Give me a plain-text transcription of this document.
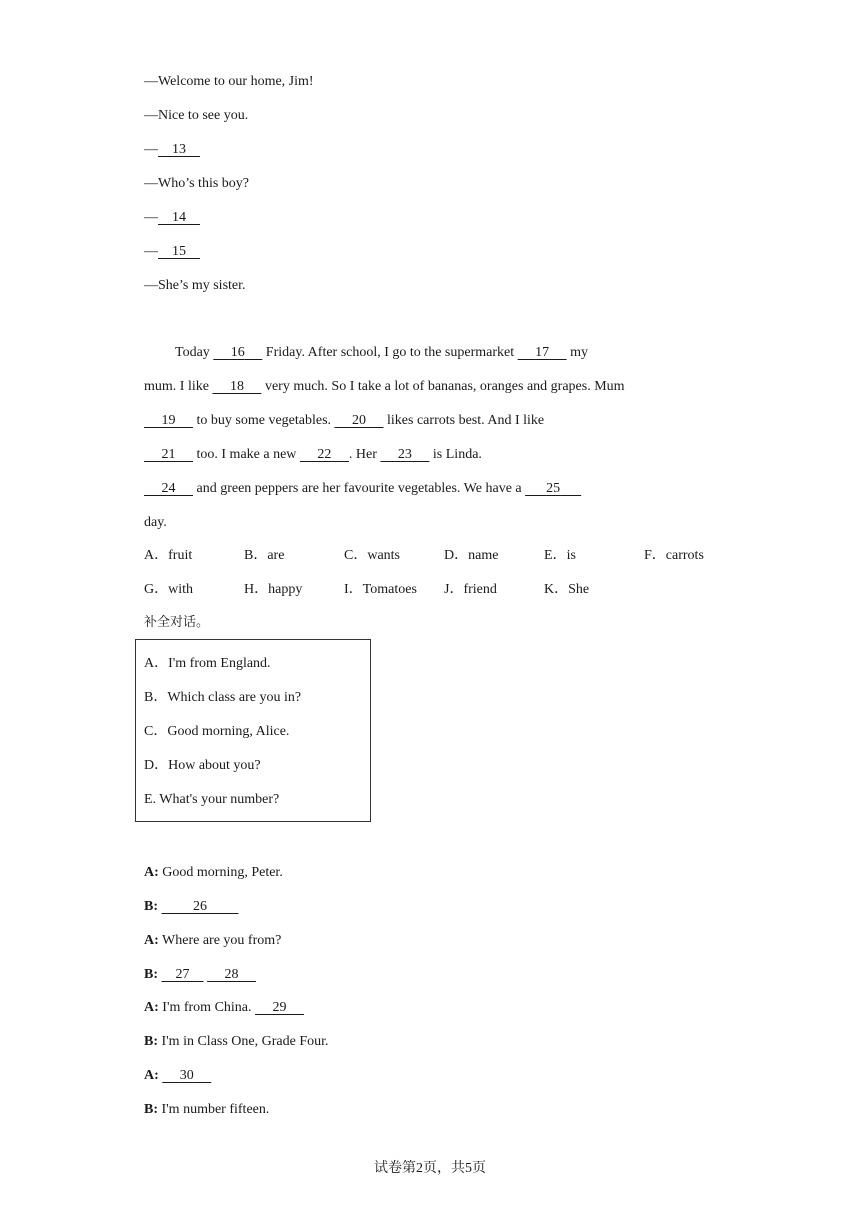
—Welcome to our home, Jim!
—Nice to see you.
— 13
—Who’s this boy?
— 14
— 15
—She’s my sister.
Today      16      Friday. After school, I go to the supermarket      17      my
mum. I like      18      very much. So I take a lot of bananas, oranges and grapes. Mum
19      to buy some vegetables.      20      likes carrots best. And I like
21      too. I make a new      22 . Her      23      is Linda.
24      and green peppers are her favourite vegetables. We have a       25
day.
A．fruit	B．are	C．wants	D．name	E．is	F．carrots
G．with	H．happy	I．Tomatoes J．friend	K．She
补全对话。
A．I'm from England.
B．Which class are you in?
C．Good morning, Alice.
D．How about you?
E. What's your number?
A: Good morning, Peter.
B:	26
A: Where are you from?
B: 27	28
A: I'm from China.      29
B: I'm in Class One, Grade Four.
A: 30
B: I'm number fifteen.
试卷第2页，共5页
